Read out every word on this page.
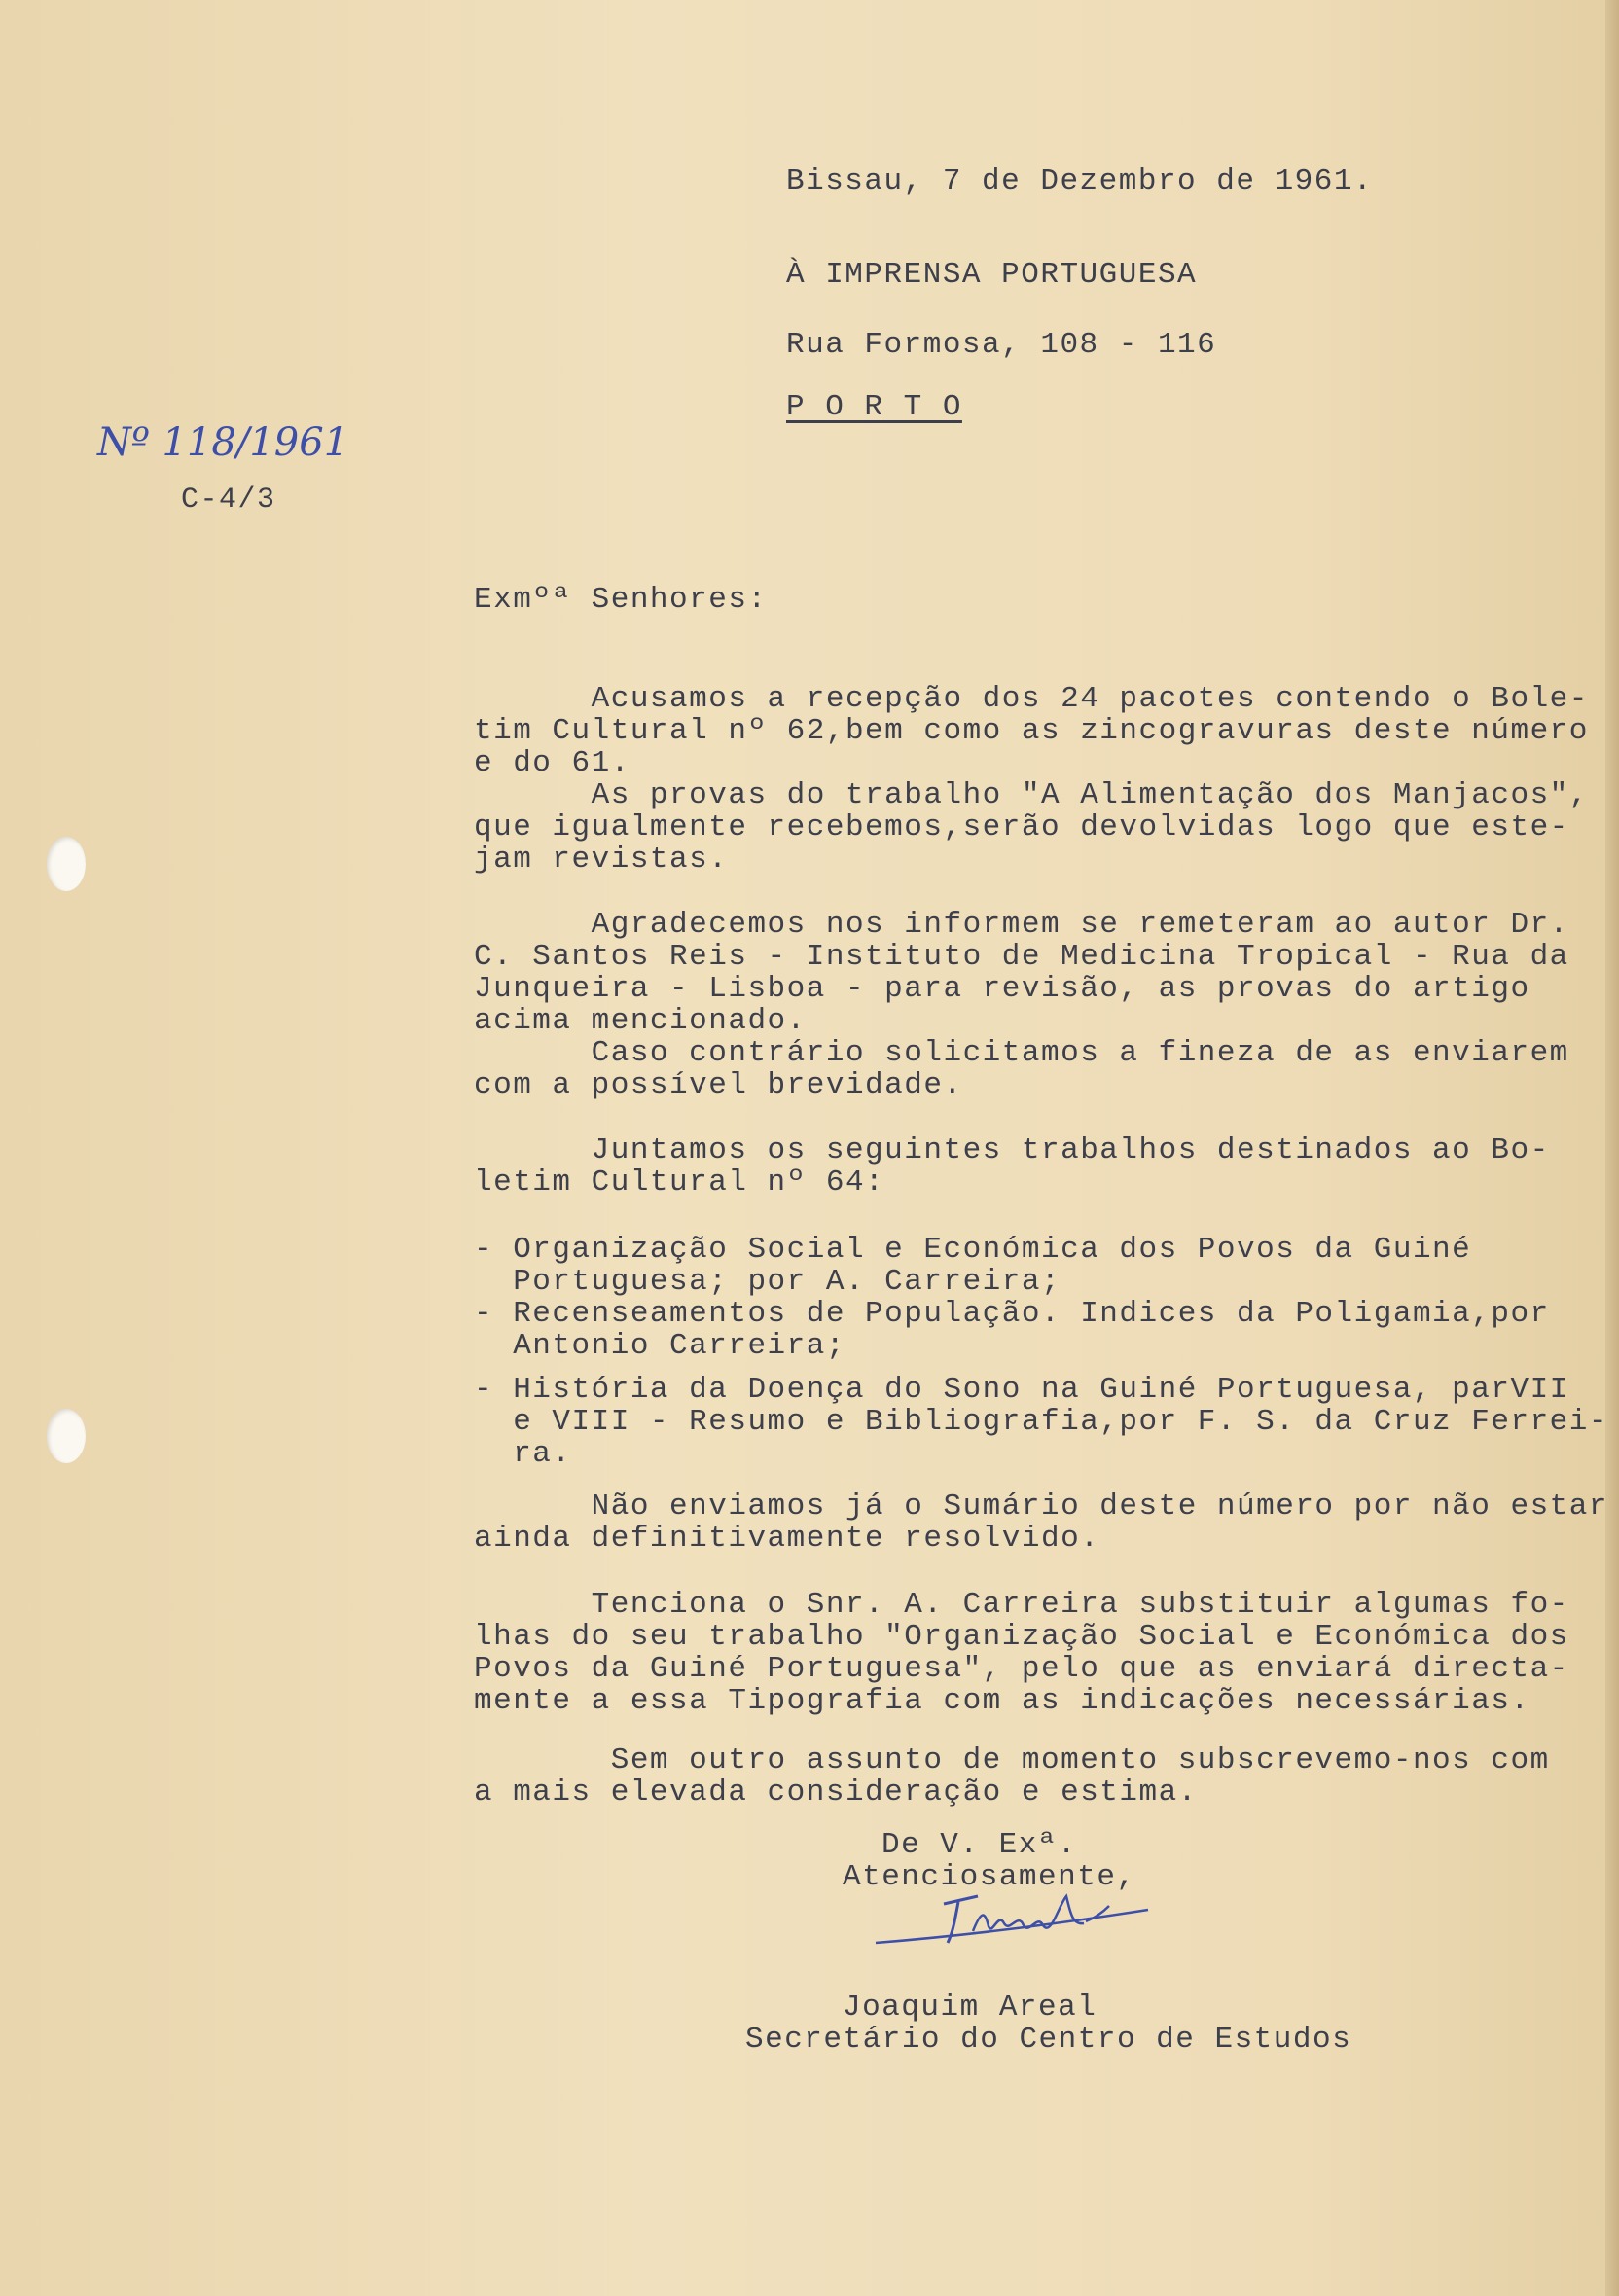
Bissau, 7 de Dezembro de 1961.
À IMPRENSA PORTUGUESA
Rua Formosa, 108 - 116
P O R T O
Nº 118/1961
C-4/3
Exmºª Senhores:
Acusamos a recepção dos 24 pacotes contendo o Bole-
tim Cultural nº 62,bem como as zincogravuras deste número
e do 61.
As provas do trabalho "A Alimentação dos Manjacos",
que igualmente recebemos,serão devolvidas logo que este-
jam revistas.
Agradecemos nos informem se remeteram ao autor Dr.
C. Santos Reis - Instituto de Medicina Tropical - Rua da
Junqueira - Lisboa - para revisão, as provas do artigo
acima mencionado.
Caso contrário solicitamos a fineza de as enviarem
com a possível brevidade.
Juntamos os seguintes trabalhos destinados ao Bo-
letim Cultural nº 64:
- Organização Social e Económica dos Povos da Guiné
Portuguesa; por A. Carreira;
- Recenseamentos de População. Indices da Poligamia,por
Antonio Carreira;
- História da Doença do Sono na Guiné Portuguesa, parVII
e VIII - Resumo e Bibliografia,por F. S. da Cruz Ferrei-
ra.
Não enviamos já o Sumário deste número por não estar
ainda definitivamente resolvido.
Tenciona o Snr. A. Carreira substituir algumas fo-
lhas do seu trabalho "Organização Social e Económica dos
Povos da Guiné Portuguesa", pelo que as enviará directa-
mente a essa Tipografia com as indicações necessárias.
Sem outro assunto de momento subscrevemo-nos com
a mais elevada consideração e estima.
De V. Exª.
Atenciosamente,
Joaquim Areal
Secretário do Centro de Estudos
